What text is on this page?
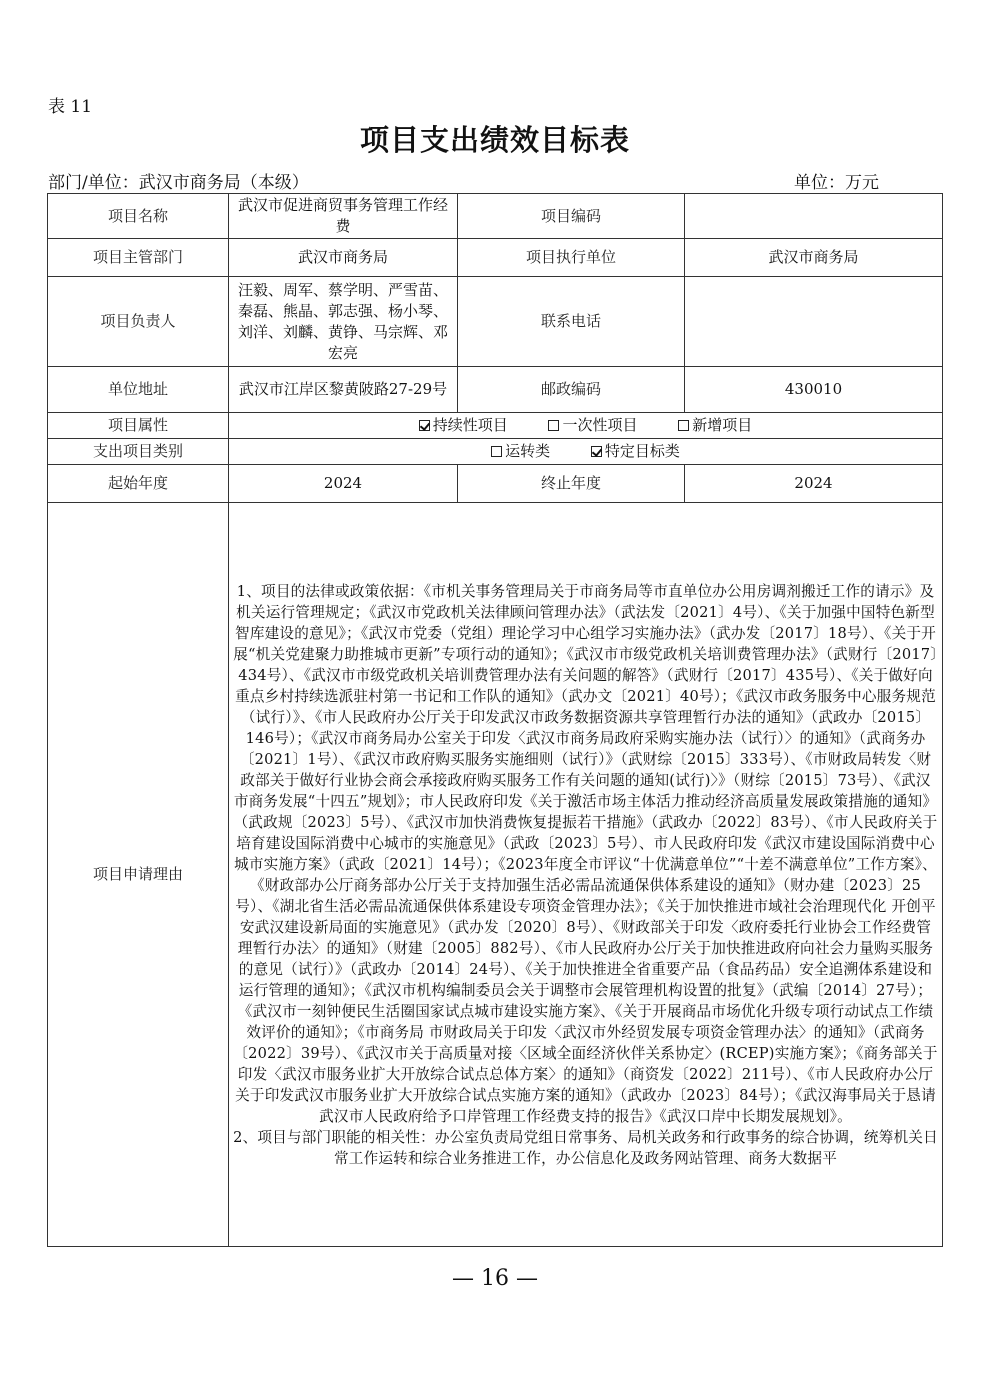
表 11
项目支出绩效目标表
部门/单位：武汉市商务局（本级）	单位：万元
项目名称	武汉市促进商贸事务管理工作经费	项目编码	
项目主管部门	武汉市商务局	项目执行单位	武汉市商务局
项目负责人	汪毅、周军、蔡学明、严雪苗、秦磊、熊晶、郭志强、杨小琴、刘洋、刘麟、黄铮、马宗辉、邓宏亮	联系电话	
单位地址	武汉市江岸区黎黄陂路27-29号	邮政编码	430010
项目属性	持续性项目 一次性项目 新增项目		
支出项目类别	运转类 特定目标类		
起始年度	2024	终止年度	2024
项目申请理由	1、项目的法律或政策依据：《市机关事务管理局关于市商务局等市直单位办公用房调剂搬迁工作的请示》及机关运行管理规定；《武汉市党政机关法律顾问管理办法》（武法发〔2021〕4号）、《关于加强中国特色新型智库建设的意见》；《武汉市党委（党组）理论学习中心组学习实施办法》（武办发〔2017〕18号）、《关于开展“机关党建聚力助推城市更新”专项行动的通知》；《武汉市市级党政机关培训费管理办法》（武财行〔2017〕434号）、《武汉市市级党政机关培训费管理办法有关问题的解答》（武财行〔2017〕435号）、《关于做好向重点乡村持续选派驻村第一书记和工作队的通知》（武办文〔2021〕40号）；《武汉市政务服务中心服务规范（试行）》、《市人民政府办公厅关于印发武汉市政务数据资源共享管理暂行办法的通知》（武政办〔2015〕146号）；《武汉市商务局办公室关于印发〈武汉市商务局政府采购实施办法（试行）〉的通知》（武商务办〔2021〕1号）、《武汉市政府购买服务实施细则（试行）》（武财综〔2015〕333号）、《市财政局转发〈财政部关于做好行业协会商会承接政府购买服务工作有关问题的通知(试行)〉》（财综〔2015〕73号）、《武汉市商务发展“十四五”规划》；市人民政府印发《关于激活市场主体活力推动经济高质量发展政策措施的通知》（武政规〔2023〕5号）、《武汉市加快消费恢复提振若干措施》（武政办〔2022〕83号）、《市人民政府关于培育建设国际消费中心城市的实施意见》（武政〔2023〕5号）、市人民政府印发《武汉市建设国际消费中心城市实施方案》（武政〔2021〕14号）；《2023年度全市评议“十优满意单位”“十差不满意单位”工作方案》、《财政部办公厅商务部办公厅关于支持加强生活必需品流通保供体系建设的通知》（财办建〔2023〕25号）、《湖北省生活必需品流通保供体系建设专项资金管理办法》；《关于加快推进市域社会治理现代化 开创平安武汉建设新局面的实施意见》（武办发〔2020〕8号）、《财政部关于印发〈政府委托行业协会工作经费管理暂行办法〉的通知》（财建〔2005〕882号）、《市人民政府办公厅关于加快推进政府向社会力量购买服务的意见（试行）》（武政办〔2014〕24号）、《关于加快推进全省重要产品（食品药品）安全追溯体系建设和运行管理的通知》；《武汉市机构编制委员会关于调整市会展管理机构设置的批复》（武编〔2014〕27号）；《武汉市一刻钟便民生活圈国家试点城市建设实施方案》、《关于开展商品市场优化升级专项行动试点工作绩效评价的通知》；《市商务局 市财政局关于印发〈武汉市外经贸发展专项资金管理办法〉的通知》（武商务〔2022〕39号）、《武汉市关于高质量对接〈区域全面经济伙伴关系协定〉(RCEP)实施方案》；《商务部关于印发〈武汉市服务业扩大开放综合试点总体方案〉的通知》（商资发〔2022〕211号）、《市人民政府办公厅关于印发武汉市服务业扩大开放综合试点实施方案的通知》（武政办〔2023〕84号）；《武汉海事局关于恳请武汉市人民政府给予口岸管理工作经费支持的报告》《武汉口岸中长期发展规划》。

2、项目与部门职能的相关性：办公室负责局党组日常事务、局机关政务和行政事务的综合协调，统筹机关日常工作运转和综合业务推进工作，办公信息化及政务网站管理、商务大数据平		

— 16 —
